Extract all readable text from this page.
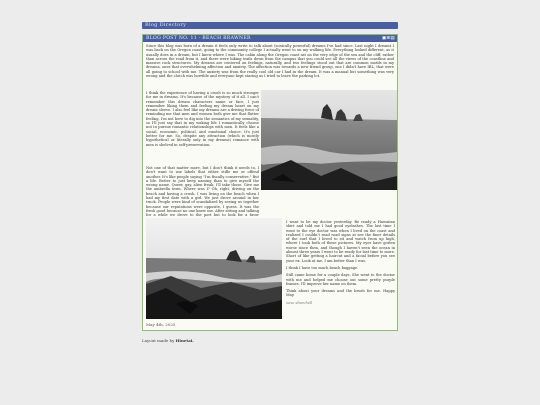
Blog Directory
BLOG POST NO. 11 - BEACH BRAWNER	▣⊞▤
Since this blog was born of a dream it feels only write to talk about (sonically powerful) dreams I've had since. Last night I dreamt I was back on the Oregon coast, going to the community college I actually went to on my walking life. Everything looked different, as it usually does in a dream, but I knew where I was. The cabin along the Oregon coast sat on the very edge of the sea and the cliff, rather than across the road from it, and there were hiking trails down from the campus that you could see all the views of the coastline and massive rock structures. My dreams are centered on feelings, naturally, and two feelings stood out that are common motifs in my dreams, ones that overwhelming affection and anxiety. The affection was towards a new friend group, one I didn't have IRL, that were all going to school with me. The anxiety was from the really cool old car I had in the dream. It was a manual but something was very wrong and the clutch was horrible and everyone kept staring as I tried to leave the parking lot.
I think the experience of having a crush is so much stronger for me in dreams. It's because of the mystery of it all. I can't remember this dream characters name or face, I just remember liking them and feeling my dream heart on my dream sleeve. I also feel like my dreams are a driving force of reminding me that men and women both give me that flutter feeling. I'm not here to dig into the semantics of my sexuality, so I'll just say that in my waking life I romantically choose not to pursue romantic relationships with men. It feels like a social, economic, political, and emotional choice. It's just better for me. So, despite any attraction (which is mostly hypothetical or literally only in my dreams) romance with men is shelved in self-preservation.
Not one of that matter more, but I don't think it needs to, I don't want to use labels that either stifle me or offend another. It's like people saying "I'm fiscally conservative." But a life. Better to just keep naming than to give myself the wrong name. Queer, gay, alien freak, I'll take those. Give me the umbrella term. Where was I? Oh, right, driving on the beach and having a crush. I was living on the beach when I had my first date with a girl. We just drove around in her truck. People were kind of scandalized by seeing us together because our reputations were opposite, I guess. It was the fresh good because no one knew me. After sitting and talking for a while we drove to the port but to look for a favor
I want to be my doctor yesterday. Be ready a Hawaiian shirt and told me I had good eyelashes. The last time I went to the eye doctor was when I lived on the coast and realized I couldn't read road signs at see the finer details of the surf that I loved to sit and watch from up high, where I took both of these pictures. My eyes have gotten worse since then, and though I haven't seen the ocean in almost three years I went to be ready for last time to more. Short of like getting a haircut and a facial before you see your ex. Look at me, I am better than I was.
I think I have too much beach baggage.
Still came home for a couple days. She went to the doctor with me and helped me choose out some pretty purple frames. I'll improve her name on them.
Think about your dreams and the brush for me. Happy May.
xoxo sharchell
May 4th, 2025
Layout made by Hinetai.
